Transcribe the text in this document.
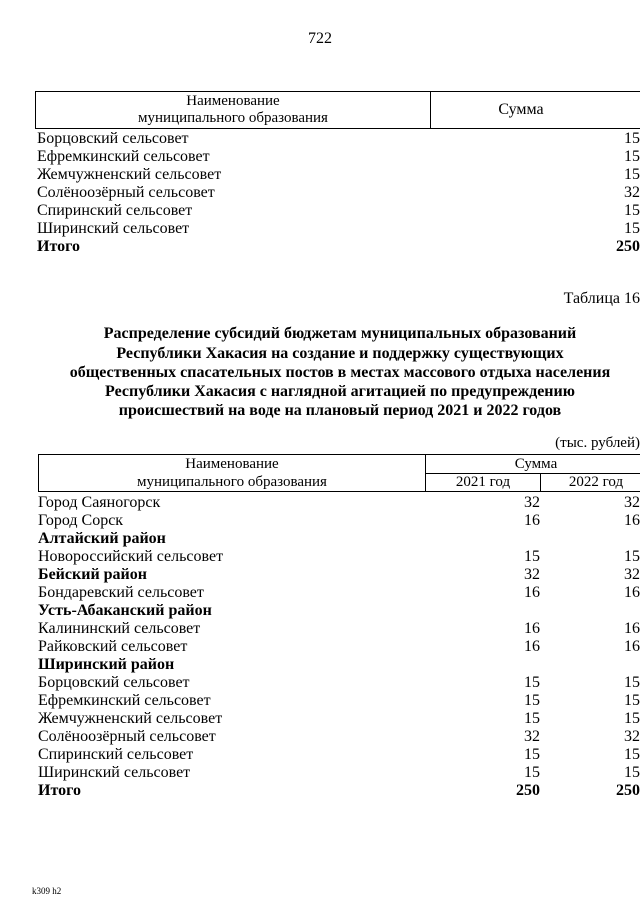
722
Наименование
муниципального образования	Сумма
Борцовский сельсовет	15
Ефремкинский сельсовет	15
Жемчужненский сельсовет	15
Солёноозёрный сельсовет	32
Спиринский сельсовет	15
Ширинский сельсовет	15
Итого	250
Таблица 16
Распределение субсидий бюджетам муниципальных образований
Республики Хакасия на создание и поддержку существующих
общественных спасательных постов в местах массового отдыха населения
Республики Хакасия с наглядной агитацией по предупреждению
происшествий на воде на плановый период 2021 и 2022 годов
(тыс. рублей)
Наименование
муниципального образования
Сумма
2021 год	2022 год
Город Саяногорск	32	32
Город Сорск	16	16
Алтайский район
Новороссийский сельсовет	15	15
Бейский район	32	32
Бондаревский сельсовет	16	16
Усть-Абаканский район
Калининский сельсовет	16	16
Райковский сельсовет	16	16
Ширинский район
Борцовский сельсовет	15	15
Ефремкинский сельсовет	15	15
Жемчужненский сельсовет	15	15
Солёноозёрный сельсовет	32	32
Спиринский сельсовет	15	15
Ширинский сельсовет	15	15
Итого	250	250
k309 h2
